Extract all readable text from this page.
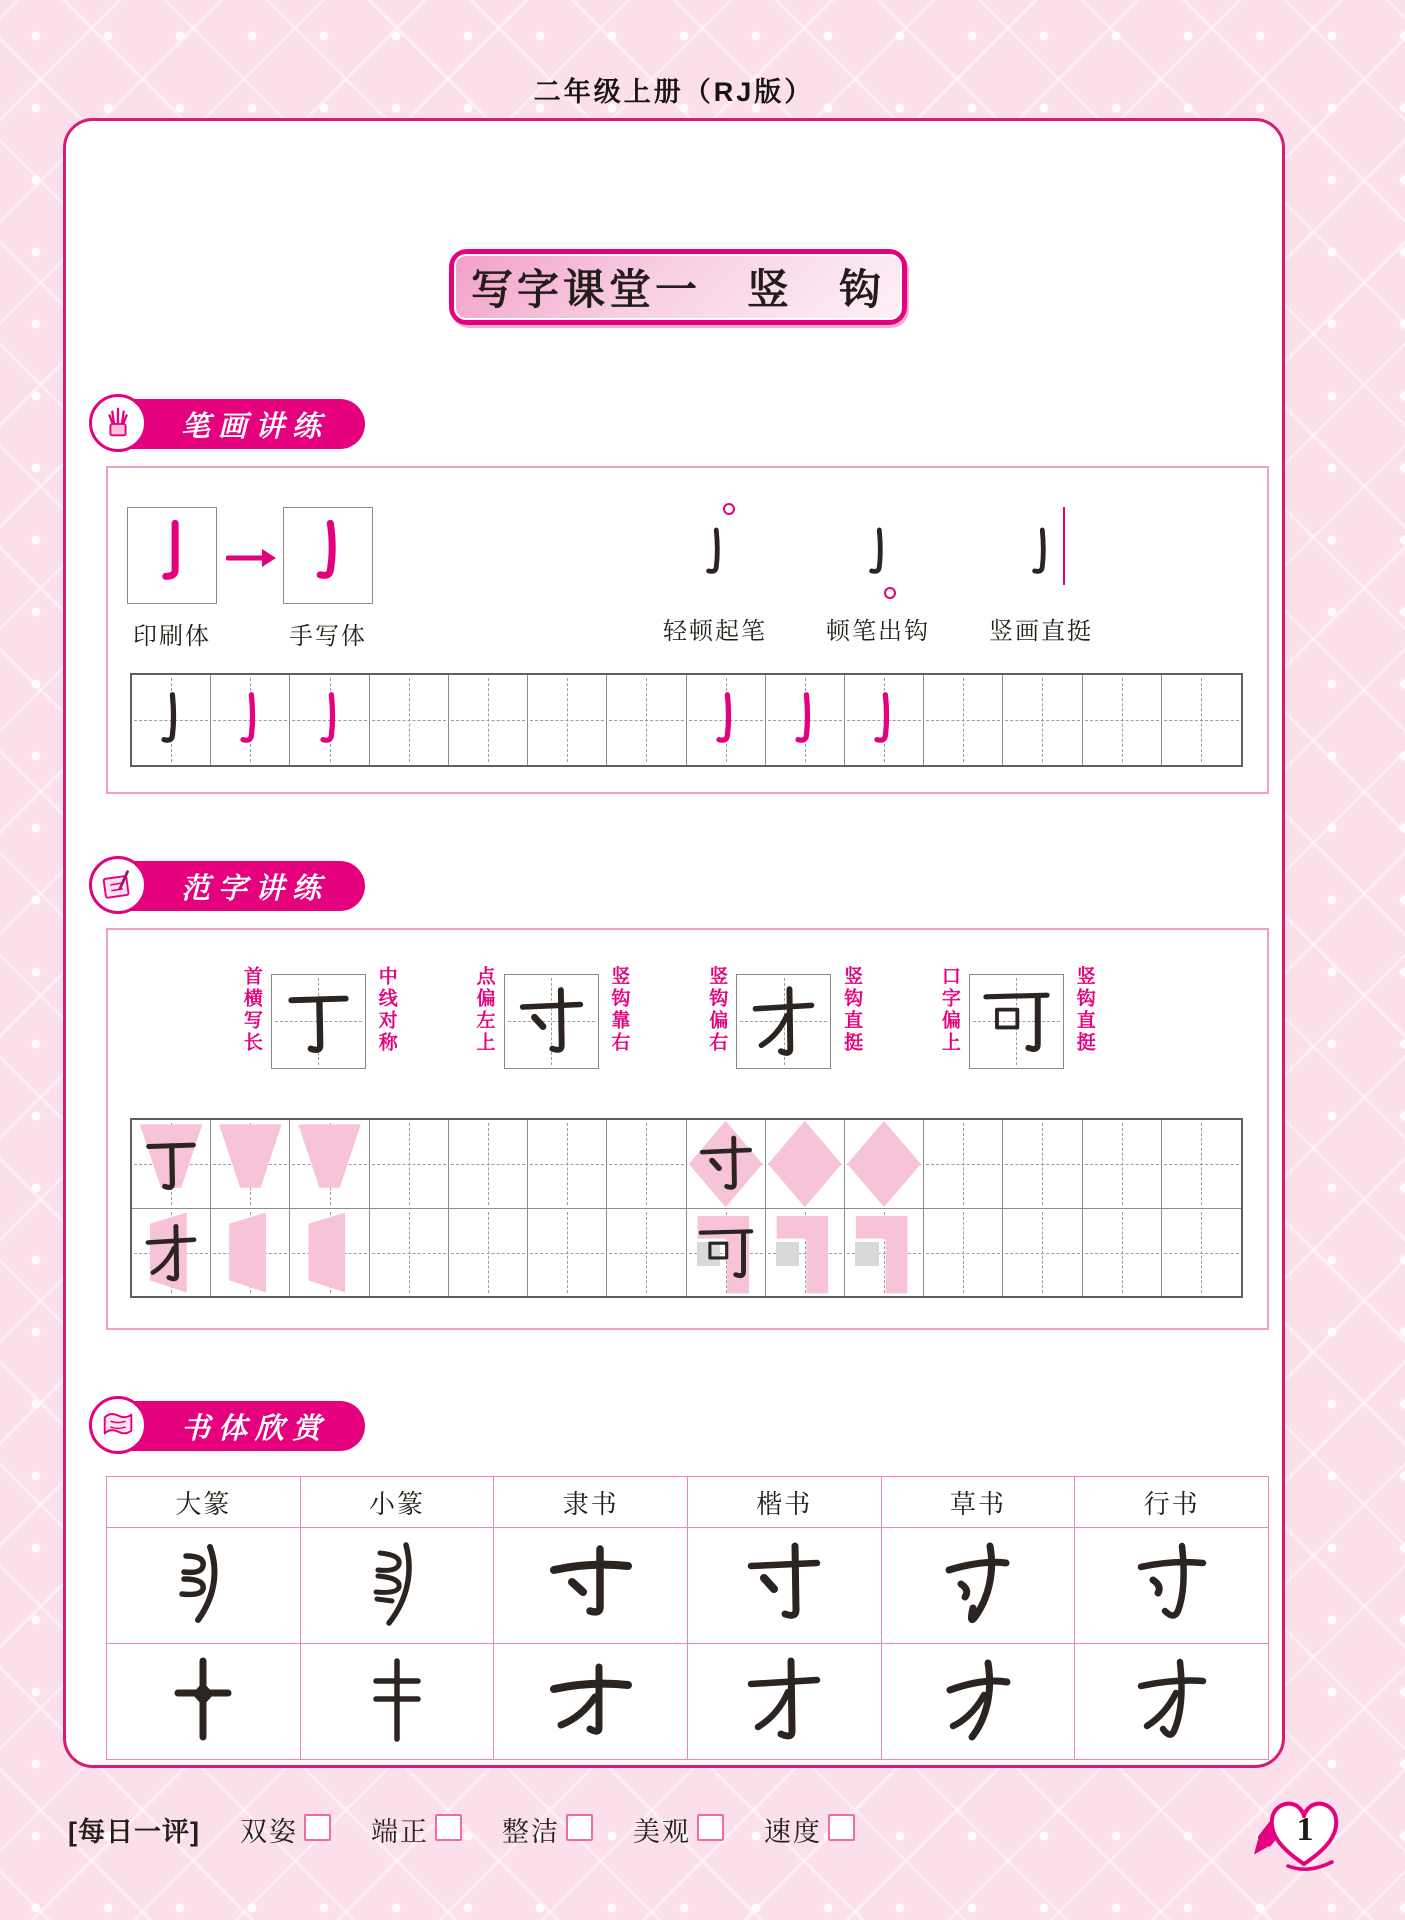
二年级上册（RJ版）
写字课堂一　竖　钩
笔画讲练
印刷体	手写体	轻顿起笔	顿笔出钩	竖画直挺
范字讲练
首横写长	中线对称	点偏左上	竖钩靠右	竖钩偏右	竖钩直挺	口字偏上	竖钩直挺
书体欣赏
大篆	小篆	隶书	楷书	草书	行书

[每日一评] 双姿	端正	整洁	美观	速度	1
